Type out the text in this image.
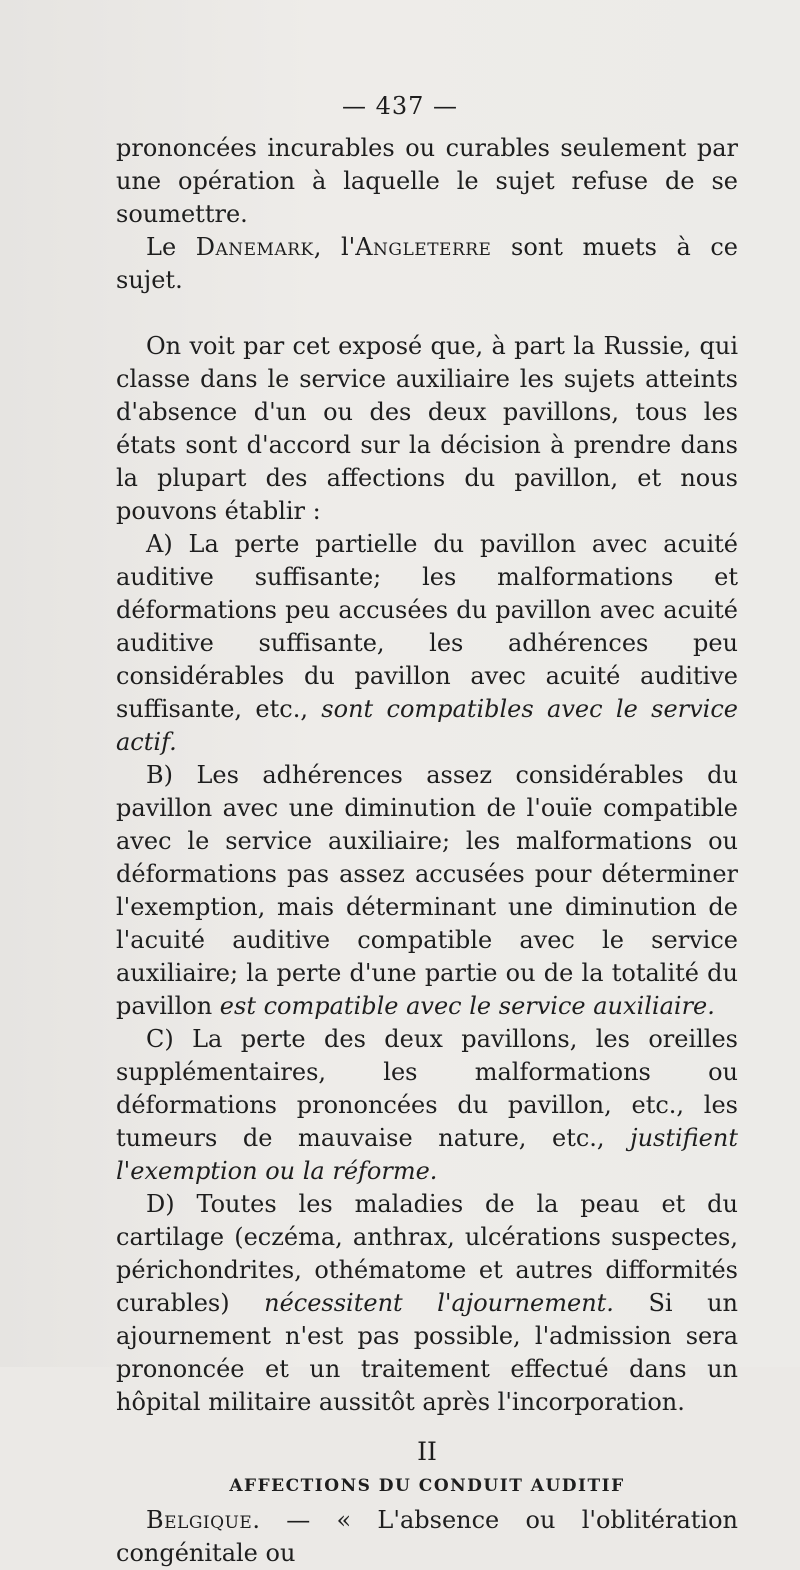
— 437 —

prononcées incurables ou curables seulement par une opération à laquelle le sujet refuse de se soumettre.

Le Danemark, l'Angleterre sont muets à ce sujet.

On voit par cet exposé que, à part la Russie, qui classe dans le service auxiliaire les sujets atteints d'absence d'un ou des deux pavillons, tous les états sont d'accord sur la décision à prendre dans la plupart des affections du pavillon, et nous pouvons établir :

A) La perte partielle du pavillon avec acuité auditive suffisante; les malformations et déformations peu accusées du pavillon avec acuité auditive suffisante, les adhérences peu considérables du pavillon avec acuité auditive suffisante, etc., sont compatibles avec le service actif.

B) Les adhérences assez considérables du pavillon avec une diminution de l'ouïe compatible avec le service auxiliaire; les malformations ou déformations pas assez accusées pour déterminer l'exemption, mais déterminant une diminution de l'acuité auditive compatible avec le service auxiliaire; la perte d'une partie ou de la totalité du pavillon est compatible avec le service auxiliaire.

C) La perte des deux pavillons, les oreilles supplémentaires, les malformations ou déformations prononcées du pavillon, etc., les tumeurs de mauvaise nature, etc., justifient l'exemption ou la réforme.

D) Toutes les maladies de la peau et du cartilage (eczéma, anthrax, ulcérations suspectes, périchondrites, othématome et autres difformités curables) nécessitent l'ajournement. Si un ajournement n'est pas possible, l'admission sera prononcée et un traitement effectué dans un hôpital militaire aussitôt après l'incorporation.

II
AFFECTIONS DU CONDUIT AUDITIF

Belgique. — « L'absence ou l'oblitération congénitale ou
